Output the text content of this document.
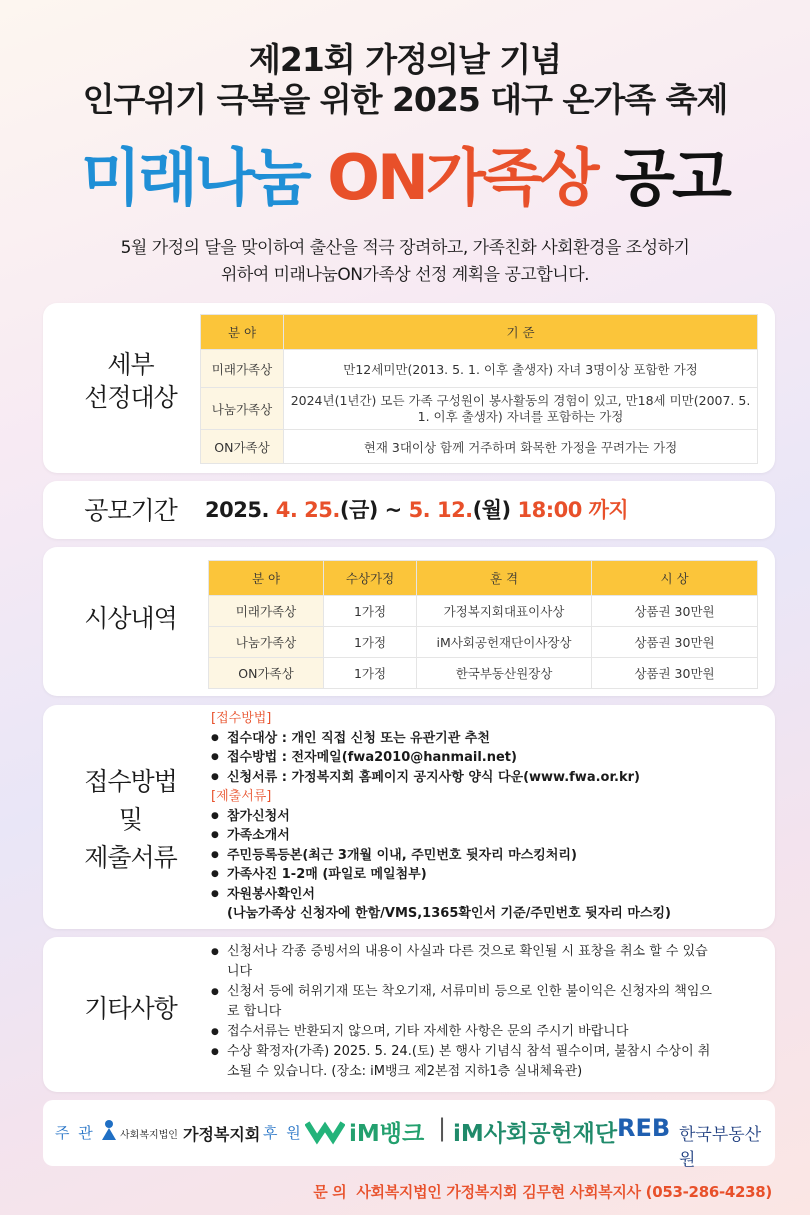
제21회 가정의날 기념
인구위기 극복을 위한 2025 대구 온가족 축제
미래나눔 ON가족상 공고
5월 가정의 달을 맞이하여 출산을 적극 장려하고, 가족친화 사회환경을 조성하기
위하여 미래나눔ON가족상 선정 계획을 공고합니다.
세부
선정대상
분 야	기 준
미래가족상	만12세미만(2013. 5. 1. 이후 출생자) 자녀 3명이상 포함한 가정
나눔가족상	2024년(1년간) 모든 가족 구성원이 봉사활동의 경험이 있고, 만18세 미만(2007. 5. 1. 이후 출생자) 자녀를 포함하는 가정
ON가족상	현재 3대이상 함께 거주하며 화목한 가정을 꾸려가는 가정
공모기간	2025. 4. 25.(금) ~ 5. 12.(월) 18:00 까지
시상내역
분 야	수상가정	훈 격	시 상
미래가족상	1가정	가정복지회대표이사상	상품권 30만원
나눔가족상	1가정	iM사회공헌재단이사장상	상품권 30만원
ON가족상	1가정	한국부동산원장상	상품권 30만원
접수방법
및
제출서류
[접수방법]
● 접수대상 : 개인 직접 신청 또는 유관기관 추천
● 접수방법 : 전자메일(fwa2010@hanmail.net)
● 신청서류 : 가정복지회 홈페이지 공지사항 양식 다운(www.fwa.or.kr)
[제출서류]
● 참가신청서
● 가족소개서
● 주민등록등본(최근 3개월 이내, 주민번호 뒷자리 마스킹처리)
● 가족사진 1-2매 (파일로 메일첨부)
● 자원봉사확인서
(나눔가족상 신청자에 한함/VMS,1365확인서 기준/주민번호 뒷자리 마스킹)
기타사항
● 신청서나 각종 증빙서의 내용이 사실과 다른 것으로 확인될 시 표창을 취소 할 수 있습니다
● 신청서 등에 허위기재 또는 착오기재, 서류미비 등으로 인한 불이익은 신청자의 책임으로 합니다
● 접수서류는 반환되지 않으며, 기타 자세한 사항은 문의 주시기 바랍니다
● 수상 확정자(가족) 2025. 5. 24.(토) 본 행사 기념식 참석 필수이며, 불참시 수상이 취소될 수 있습니다. (장소: iM뱅크 제2본점 지하1층 실내체육관)
주 관	사회복지법인 가정복지회 후 원 iM뱅크 | iM사회공헌재단 REB 한국부동산원
문 의 사회복지법인 가정복지회 김무현 사회복지사 (053-286-4238)
